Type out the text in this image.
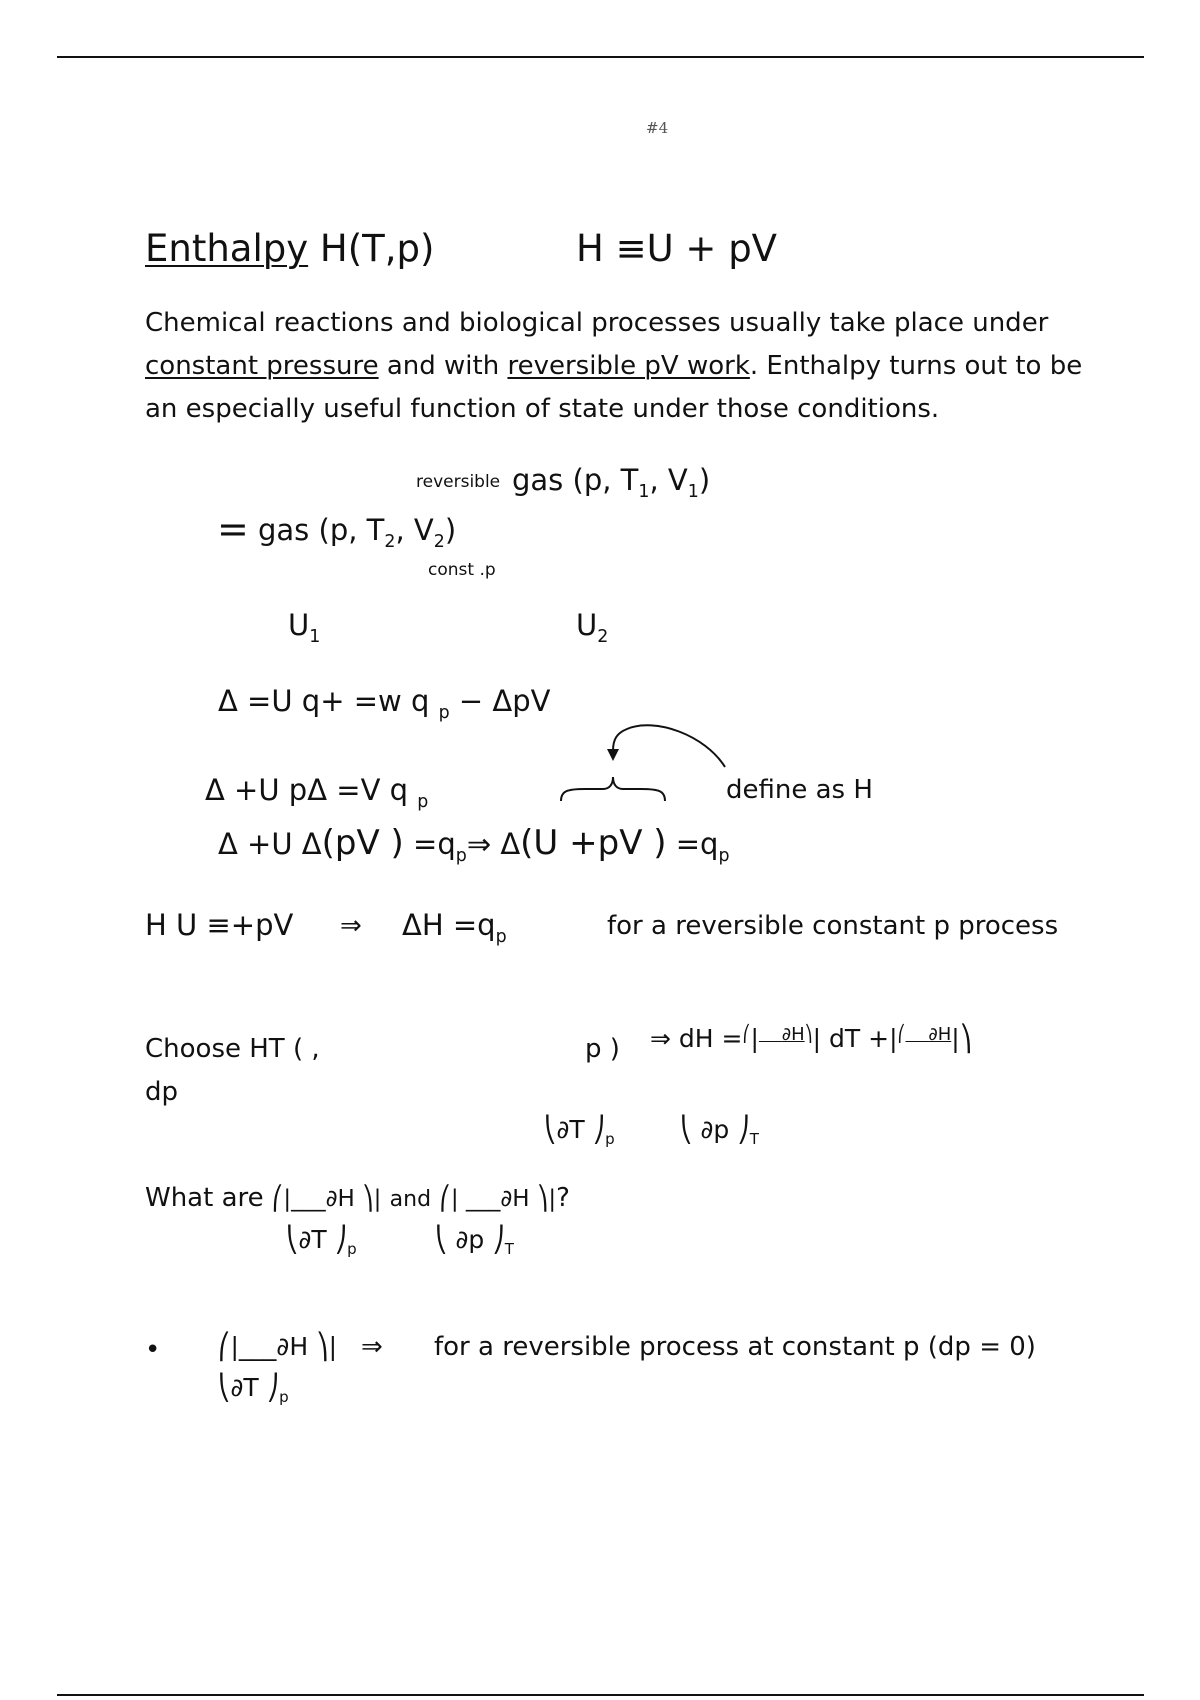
#4
Enthalpy H(T,p)	H ≡U + pV
Chemical reactions and biological processes usually take place under constant pressure and with reversible pV work. Enthalpy turns out to be an especially useful function of state under those conditions.
reversible gas (p, $T_1$, $V_1$)
= gas (p, $T_2$, $V_2$)
const .p
$U_1$	$U_2$
Δ =U q+ =w q $_p$ − ΔpV
Δ +U pΔ =V q $_p$	define as H
Δ +U Δ(pV ) $=q_p\Rightarrow$ Δ(U +pV ) $=q_p$
H U ≡+pV ⇒ $\Delta H =q_p$	for a reversible constant p process
Choose HT ( ,	p ) ⇒ dH =⎛| $^{\partial H⎞}$| dT +|⎛ $^{\partial H}$|⎞
dp
⎝∂T $⎠_p$	⎝ ∂p $⎠_T$
What are ⎛|___∂H ⎞| and ⎛| ___∂H ⎞|?
⎝∂T $⎠_p$	⎝ ∂p $⎠_T$
• ⎛|___∂H ⎞| ⇒ for a reversible process at constant p (dp = 0)
⎝∂T $⎠_p$
